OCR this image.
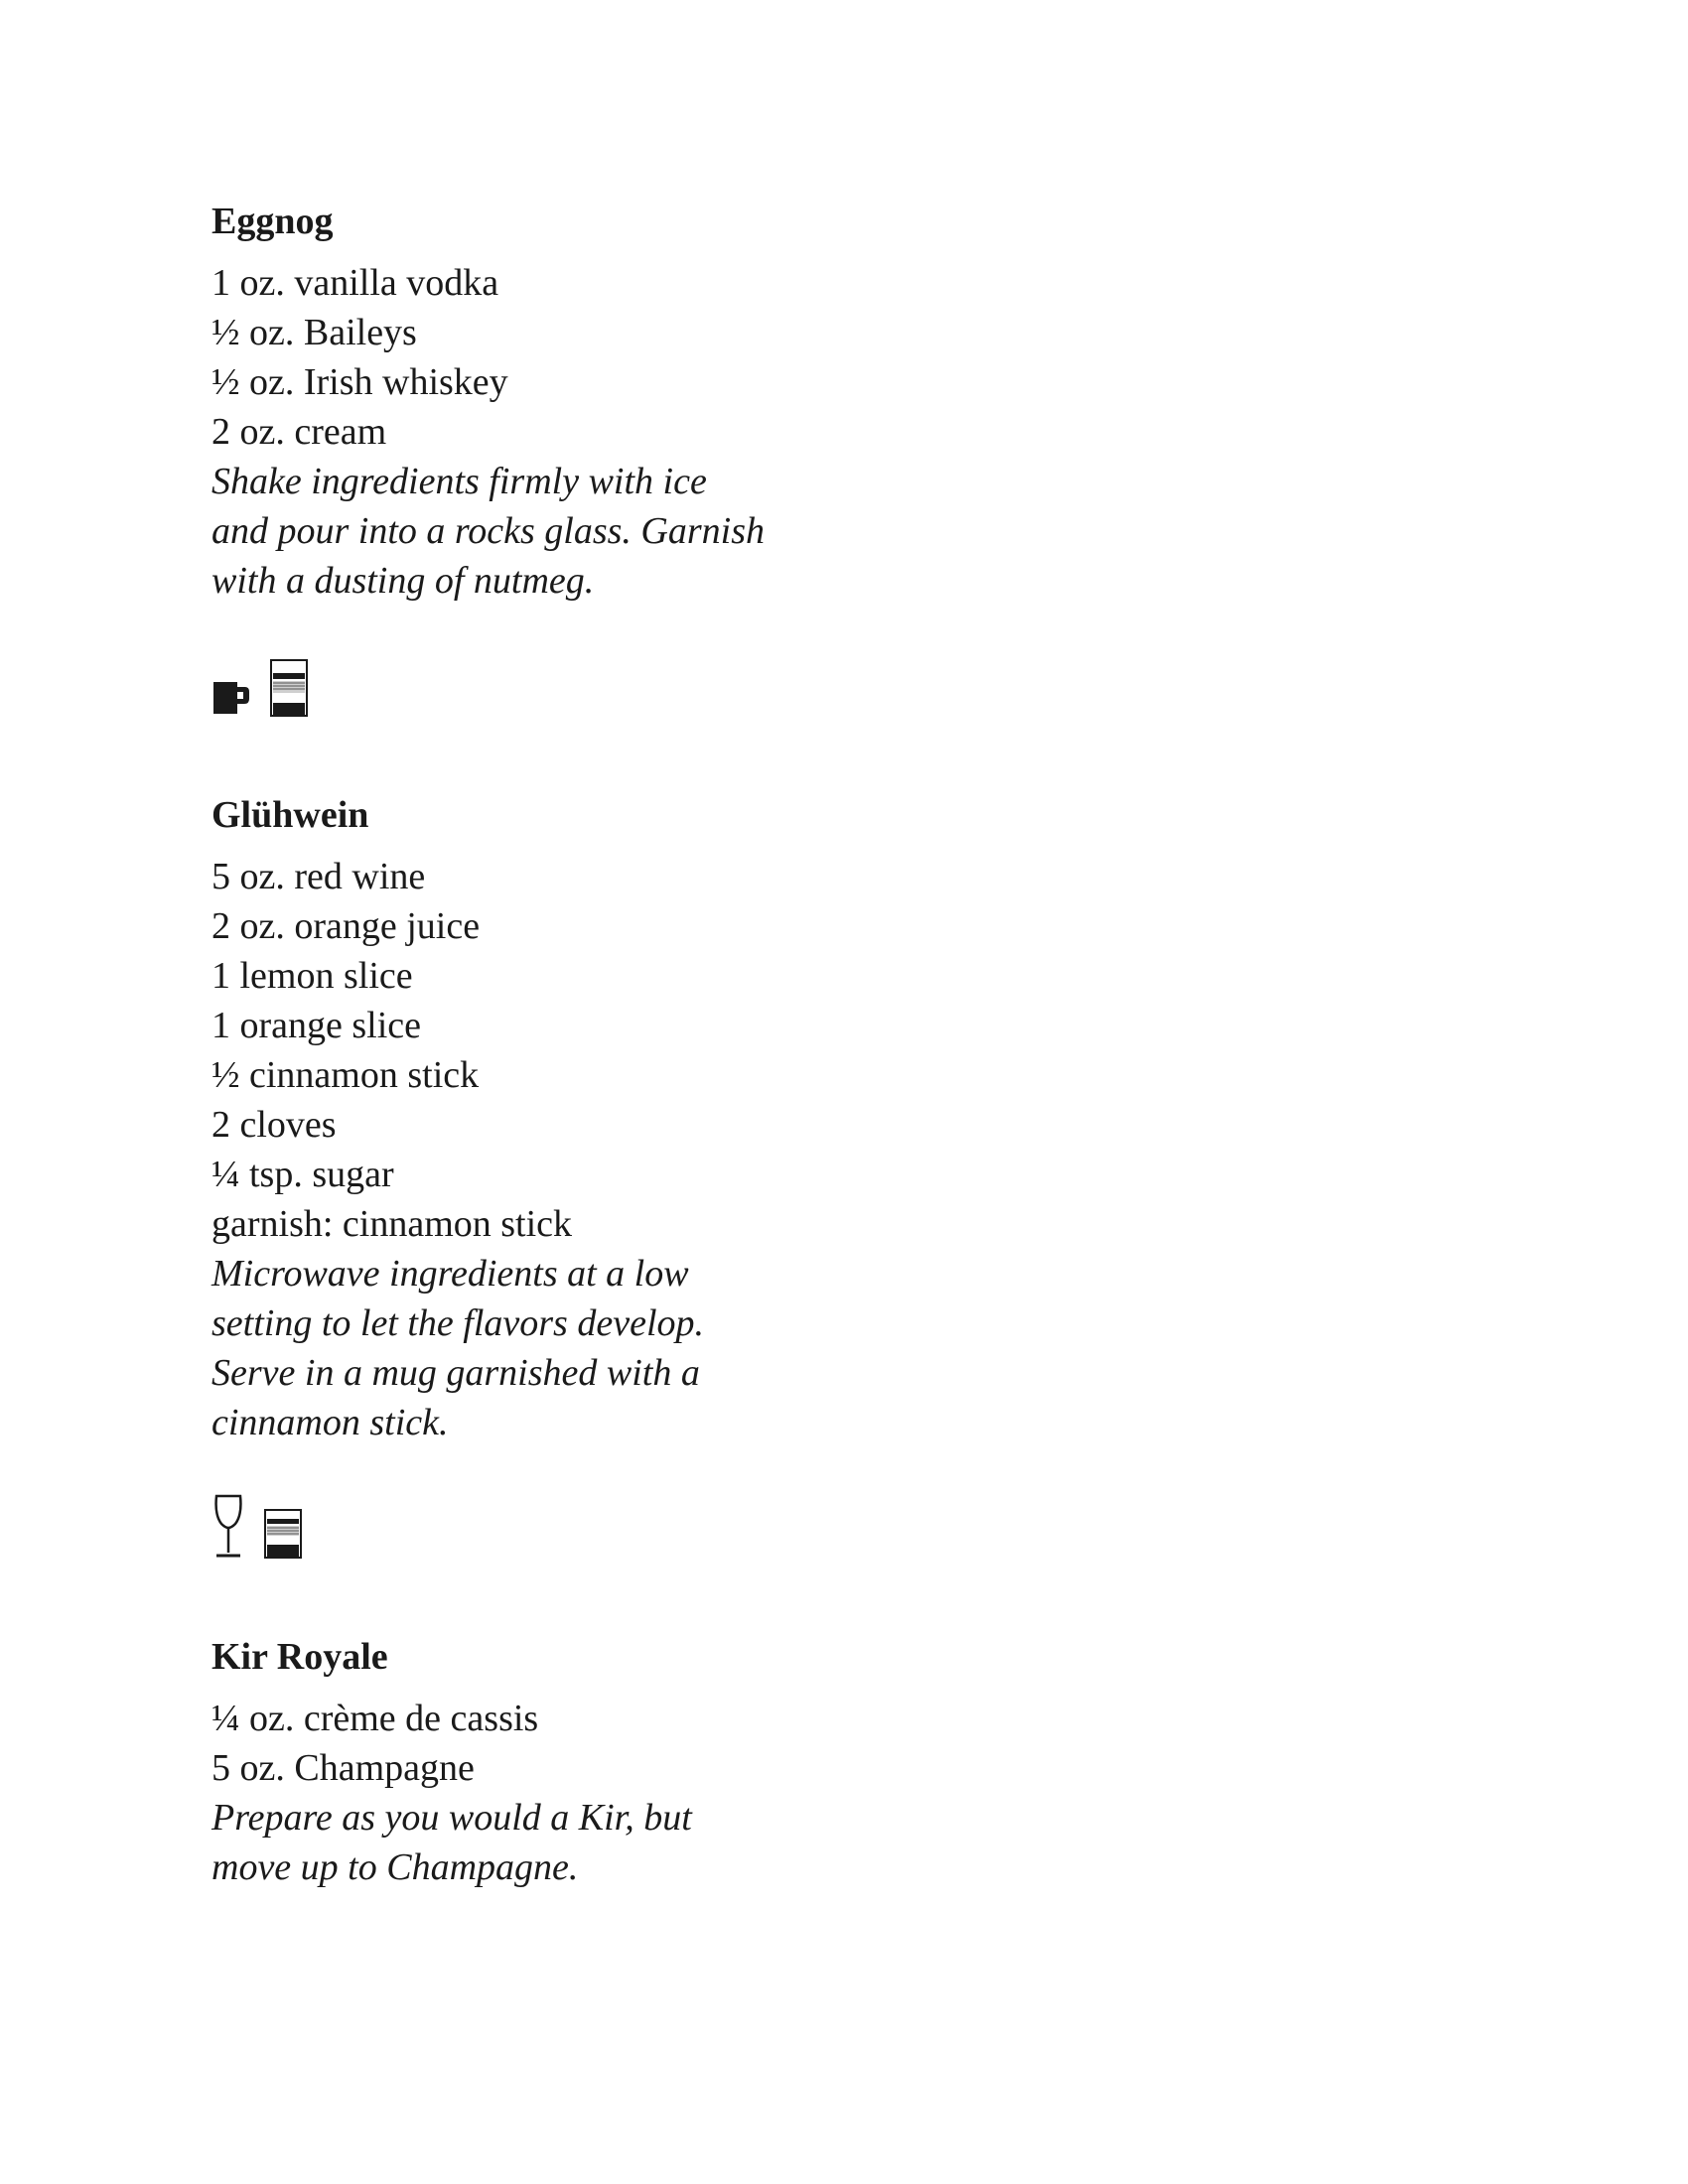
Eggnog
1 oz. vanilla vodka
½ oz. Baileys
½ oz. Irish whiskey
2 oz. cream

Shake ingredients firmly with ice and pour into a rocks glass. Garnish with a dusting of nutmeg.

Glühwein
5 oz. red wine
2 oz. orange juice
1 lemon slice
1 orange slice
½ cinnamon stick
2 cloves
¼ tsp. sugar
garnish: cinnamon stick

Microwave ingredients at a low setting to let the flavors develop. Serve in a mug garnished with a cinnamon stick.

Kir Royale
¼ oz. crème de cassis
5 oz. Champagne

Prepare as you would a Kir, but move up to Champagne.
